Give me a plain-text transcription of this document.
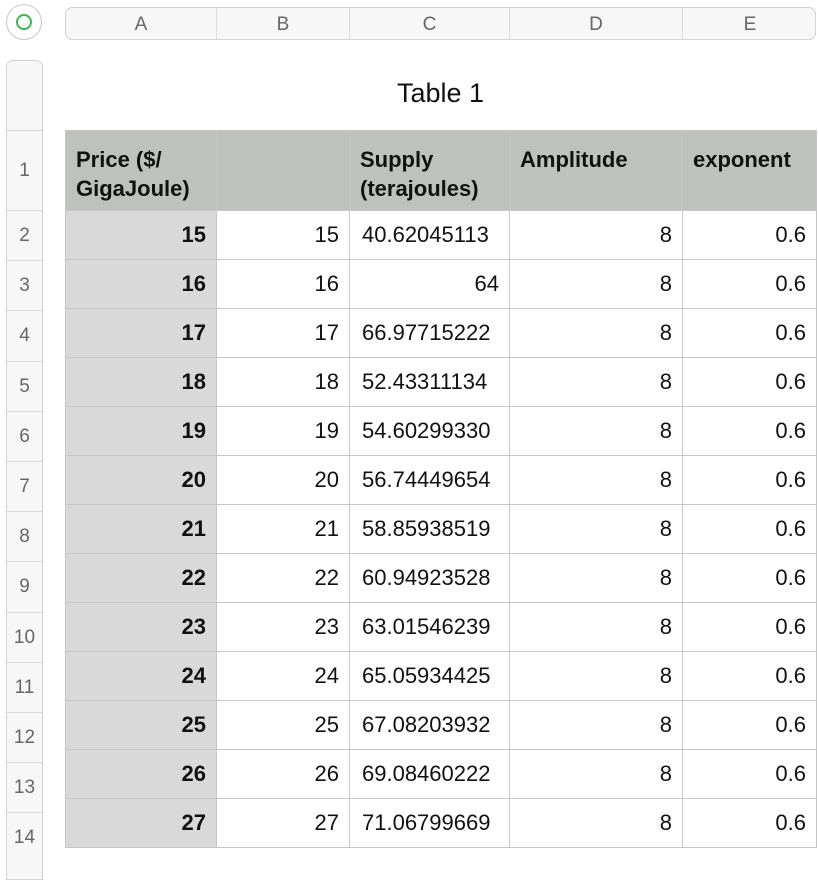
A	B	C	D	E
1
2
3
4
5
6
7
8
9
10
11
12
13
14
Table 1
Price ($/ GigaJoule)		Supply (terajoules)	Amplitude	exponent
15	15	40.62045113	8	0.6
16	16	64	8	0.6
17	17	66.97715222	8	0.6
18	18	52.43311134	8	0.6
19	19	54.60299330	8	0.6
20	20	56.74449654	8	0.6
21	21	58.85938519	8	0.6
22	22	60.94923528	8	0.6
23	23	63.01546239	8	0.6
24	24	65.05934425	8	0.6
25	25	67.08203932	8	0.6
26	26	69.08460222	8	0.6
27	27	71.06799669	8	0.6
